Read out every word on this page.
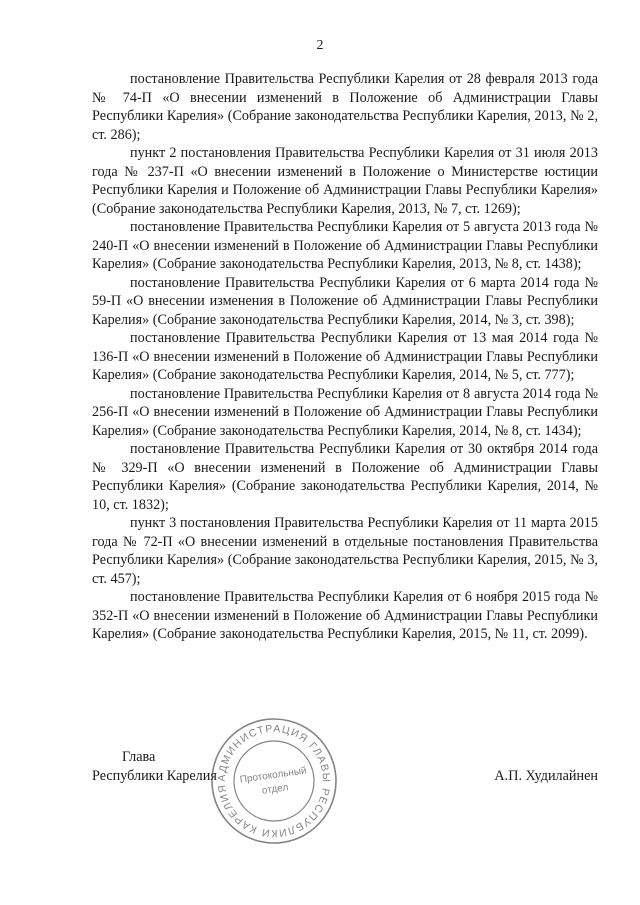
2

постановление Правительства Республики Карелия от 28 февраля 2013 года № 74-П «О внесении изменений в Положение об Администрации Главы Республики Карелия» (Собрание законодательства Республики Карелия, 2013, № 2, ст. 286);

пункт 2 постановления Правительства Республики Карелия от 31 июля 2013 года № 237-П «О внесении изменений в Положение о Министерстве юстиции Республики Карелия и Положение об Администрации Главы Республики Карелия» (Собрание законодательства Республики Карелия, 2013, № 7, ст. 1269);

постановление Правительства Республики Карелия от 5 августа 2013 года № 240-П «О внесении изменений в Положение об Администрации Главы Республики Карелия» (Собрание законодательства Республики Карелия, 2013, № 8, ст. 1438);

постановление Правительства Республики Карелия от 6 марта 2014 года № 59-П «О внесении изменения в Положение об Администрации Главы Республики Карелия» (Собрание законодательства Республики Карелия, 2014, № 3, ст. 398);

постановление Правительства Республики Карелия от 13 мая 2014 года № 136-П «О внесении изменений в Положение об Администрации Главы Республики Карелия» (Собрание законодательства Республики Карелия, 2014, № 5, ст. 777);

постановление Правительства Республики Карелия от 8 августа 2014 года № 256-П «О внесении изменений в Положение об Администрации Главы Республики Карелия» (Собрание законодательства Республики Карелия, 2014, № 8, ст. 1434);

постановление Правительства Республики Карелия от 30 октября 2014 года № 329-П «О внесении изменений в Положение об Администрации Главы Республики Карелия» (Собрание законодательства Республики Карелия, 2014, № 10, ст. 1832);

пункт 3 постановления Правительства Республики Карелия от 11 марта 2015 года № 72-П «О внесении изменений в отдельные постановления Правительства Республики Карелия» (Собрание законодательства Республики Карелия, 2015, № 3, ст. 457);

постановление Правительства Республики Карелия от 6 ноября 2015 года № 352-П «О внесении изменений в Положение об Администрации Главы Республики Карелия» (Собрание законодательства Республики Карелия, 2015, № 11, ст. 2099).

Глава
Республики Карелия	А.П. Худилайнен
АДМИНИСТРАЦИЯ ГЛАВЫ РЕСПУБЛИКИ КАРЕЛИЯ
Протокольный
отдел
